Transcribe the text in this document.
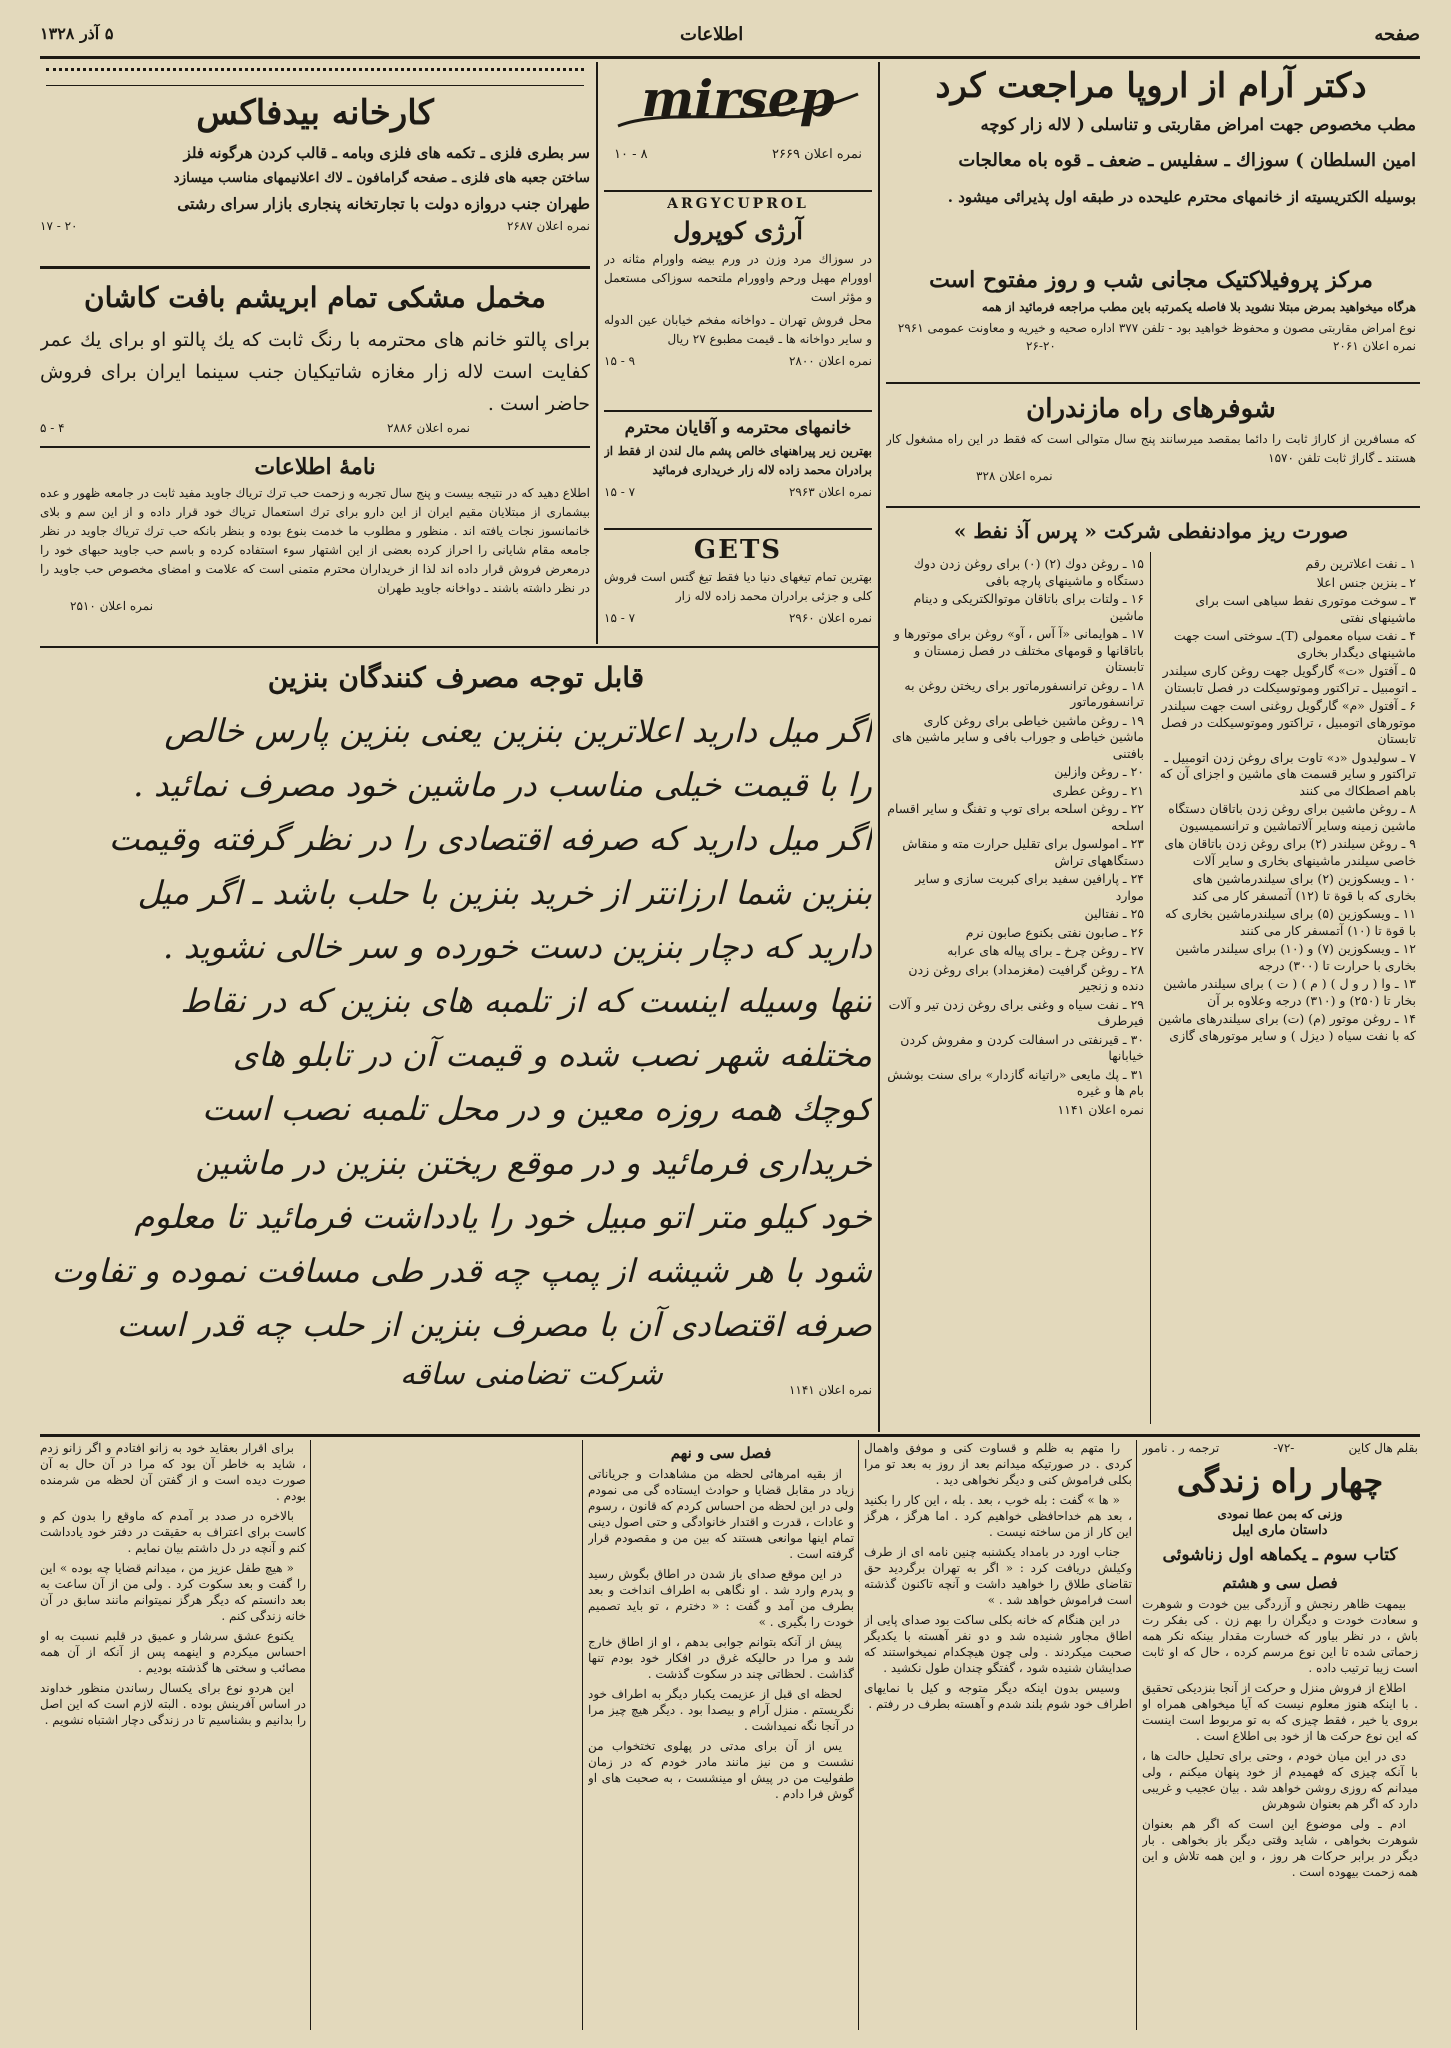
صفحه
اطلاعات
۵ آذر ۱۳۲۸
دکتر آرام از اروپا مراجعت کرد
مطب مخصوص جهت امراض مقاربتی و تناسلی ( لاله زار کوچه
امین السلطان ) سوزاك ـ سفلیس ـ ضعف ـ قوه باه معالجات
بوسیله الکتریسیته از خانمهای محترم علیحده در طبقه اول پذیرائی میشود .
مرکز پروفیلاکتیک مجانی شب و روز مفتوح است
هرگاه میخواهید بمرض مبتلا نشوید بلا فاصله یکمرتبه باین مطب مراجعه فرمائید از همه
نوع امراض مقاربتی مصون و محفوظ خواهید بود - تلفن ۳۷۷ اداره صحیه و خیریه و معاونت عمومی ۲۹۶۱
نمره اعلان ۲۰۶۱
۲۶-۲۰
شوفرهای راه مازندران
که مسافرین از کاراژ ثابت را دائما بمقصد میرسانند پنج سال متوالی است که فقط در این راه مشغول کار هستند ـ گاراژ ثابت تلفن ۱۵۷۰
نمره اعلان ۳۲۸
mirsep
نمره اعلان ۲۶۶۹
۸ - ۱۰
ARGYCUPROL
آرژی کوپرول
در سوزاك مرد وزن در ورم بیضه واورام مثانه در اوورام مهبل ورحم واوورام ملتحمه سوزاکی مستعمل و مؤثر است
محل فروش تهران ـ دواخانه مفخم خیابان عین الدوله و سایر دواخانه ها ـ قیمت مطبوع ۲۷ ریال
نمره اعلان ۲۸۰۰
۹ - ۱۵
خانمهای محترمه و آقایان محترم
بهترین زیر پیراهنهای خالص پشم مال لندن از فقط از برادران محمد زاده لاله زار خریداری فرمائید
نمره اعلان ۲۹۶۳
۷ - ۱۵
GETS
بهترین تمام تیغهای دنیا دیا فقط تیغ گتس است فروش کلی و جزئی برادران محمد زاده لاله زار
نمره اعلان ۲۹۶۰
۷ - ۱۵
کارخانه بیدفاکس
سر بطری فلزی ـ تکمه های فلزی وبامه ـ قالب کردن هرگونه فلز
ساختن جعبه های فلزی ـ صفحه گرامافون ـ لاك اعلانیمهای مناسب میسازد
طهران جنب دروازه دولت با تجارتخانه پنجاری بازار سرای رشتی
نمره اعلان ۲۶۸۷
۲۰ - ۱۷
مخمل مشکی تمام ابریشم بافت کاشان
برای پالتو خانم های محترمه با رنگ ثابت که یك پالتو او برای یك عمر کفایت است لاله زار مغازه شاتیکیان جنب سینما ایران برای فروش حاضر است .
نمره اعلان ۲۸۸۶
۴ - ۵
نامهٔ اطلاعات
اطلاع دهید که در نتیجه بیست و پنج سال تجربه و زحمت حب ترك تریاك جاوید مفید ثابت در جامعه ظهور و عده بیشماری از مبتلایان مقیم ایران از این دارو برای ترك استعمال تریاك خود قرار داده و از این سم و بلای خانمانسوز نجات یافته اند . منظور و مطلوب ما خدمت بنوع بوده و بنظر بانکه حب ترك تریاك جاوید در نظر جامعه مقام شایانی را احراز کرده بعضی از این اشتهار سوء استفاده کرده و باسم حب جاوید حبهای خود را درمعرض فروش قرار داده اند لذا از خریداران محترم متمنی است که علامت و امضای مخصوص حب جاوید را در نظر داشته باشند ـ دواخانه جاوید طهران
نمره اعلان ۲۵۱۰
صورت ریز موادنفطی شرکت « پرس آذ نفط »
۱ ـ نفت اعلاترین رقم
۲ ـ بنزین جنس اعلا
۳ ـ سوخت موتوری نفط سیاهی است برای ماشینهای نفتی
۴ ـ نفت سیاه معمولی (T)ـ سوختی است جهت ماشینهای دیگدار بخاری
۵ ـ آفتول «ت» گارگویل جهت روغن کاری سیلندر ـ اتومبیل ـ تراکتور وموتوسیکلت در فصل تابستان
۶ ـ آفتول «م» گارگویل روغنی است جهت سیلندر موتورهای اتومبیل ، تراکتور وموتوسیکلت در فصل تابستان
۷ ـ سولیدول «د» تاوت برای روغن زدن اتومبیل ـ تراکتور و سایر قسمت های ماشین و اجزای آن که باهم اصطکاك می کنند
۸ ـ روغن ماشین برای روغن زدن باتاقان دستگاه ماشین زمینه وسایر آلاتماشین و ترانسمیسیون
۹ ـ روغن سیلندر (۲) برای روغن زدن باتاقان های خاصی سیلندر ماشینهای بخاری و سایر آلات
۱۰ ـ ویسکوزین (۲) برای سیلندرماشین های بخاری که با قوة تا (۱۲) آتمسفر کار می کند
۱۱ ـ ویسکوزین (۵) برای سیلندرماشین بخاری که با قوة تا (۱۰) آتمسفر کار می کنند
۱۲ ـ ویسکوزین (۷) و (۱۰) برای سیلندر ماشین بخاری با حرارت تا (۳۰۰) درجه
۱۳ ـ وا ( ر و ل ) ( م ) ( ت ) برای سیلندر ماشین بخار تا (۲۵۰) و (۳۱۰) درجه وعلاوه بر آن
۱۴ ـ روغن موتور (م) (ت) برای سیلندرهای ماشین که با نفت سیاه ( دیزل ) و سایر موتورهای گازی
۱۵ ـ روغن دوك (۲) (۰) برای روغن زدن دوك دستگاه و ماشینهای پارچه بافی
۱۶ ـ ولتات برای باتاقان موتوالکتریکی و دینام ماشین
۱۷ ـ هوایمانی «آ آس ، آو» روغن برای موتورها و باتاقانها و قومهای مختلف در فصل زمستان و تابستان
۱۸ ـ روغن ترانسفورماتور برای ریختن روغن به ترانسفورماتور
۱۹ ـ روغن ماشین خیاطی برای روغن کاری ماشین خیاطی و جوراب بافی و سایر ماشین های بافتنی
۲۰ ـ روغن وازلین
۲۱ ـ روغن عطری
۲۲ ـ روغن اسلحه برای توپ و تفنگ و سایر اقسام اسلحه
۲۳ ـ امولسول برای تقلیل حرارت مته و منقاش دستگاههای تراش
۲۴ ـ پارافین سفید برای کبریت سازی و سایر موارد
۲۵ ـ نفتالین
۲۶ ـ صابون نفتی بکنوع صابون نرم
۲۷ ـ روغن چرخ ـ برای پیاله های عرابه
۲۸ ـ روغن گرافیت (مغزمداد) برای روغن زدن دنده و زنجیر
۲۹ ـ نفت سیاه و وغنی برای روغن زدن تیر و آلات فیرطرف
۳۰ ـ قیرنفتی در اسفالت کردن و مفروش کردن خیابانها
۳۱ ـ پك مایعی «راتیانه گازدار» برای سنت بوشش بام ها و غیره
نمره اعلان ۱۱۴۱
قابل توجه مصرف کنندگان بنزین
اگر میل دارید اعلاترین بنزین یعنی بنزین پارس خالص
را با قیمت خیلی مناسب در ماشین خود مصرف نمائید .
اگر میل دارید که صرفه اقتصادی را در نظر گرفته وقیمت
بنزین شما ارزانتر از خرید بنزین با حلب باشد ـ اگر میل
دارید که دچار بنزین دست خورده و سر خالی نشوید .
تنها وسیله اینست که از تلمبه های بنزین که در نقاط
مختلفه شهر نصب شده و قیمت آن در تابلو های
کوچك همه روزه معین و در محل تلمبه نصب است
خریداری فرمائید و در موقع ریختن بنزین در ماشین
خود کیلو متر اتو مبیل خود را یادداشت فرمائید تا معلوم
شود با هر شیشه از پمپ چه قدر طی مسافت نموده و تفاوت
صرفه اقتصادی آن با مصرف بنزین از حلب چه قدر است
نمره اعلان ۱۱۴۱
شرکت تضامنی ساقه
بقلم هال کاین
-۷۲-
ترجمه ر . نامور
چهار راه زندگی
وزنی که بمن عطا نمودی
داستان ماری ایبل
کتاب سوم ـ یکماهه اول زناشوئی
فصل سی و هشتم

بیمهت ظاهر رنجش و آزردگی بین خودت و شوهرت و سعادت خودت و دیگران را بهم زن . کی بفکر رت باش ، در نظر بیاور که خسارت مقدار بینکه نکر همه زحماتی شده تا این نوع مرسم کرده ، حال که او ثابت است زیبا ترتیب داده .

اطلاع از فروش منزل و حرکت از آنجا بنزدیکی تحقیق . با اینکه هنوز معلوم نیست که آیا میخواهی همراه او بروی یا خیر ، فقط چیزی که به تو مربوط است اینست که این نوع حرکت ها از خود بی اطلاع است .

دی در این میان خودم ، وحتی برای تحلیل حالت ها ، با آنکه چیزی که فهمیدم از خود پنهان میکنم ، ولی میدانم که روزی روشن خواهد شد . بیان عجیب و غریبی دارد که اگر هم بعنوان شوهرش

ادم ـ ولی موضوع این است که اگر هم بعنوان شوهرت بخواهی ، شاید وقتی دیگر باز بخواهی . بار دیگر در برابر حرکات هر روز ، و این همه تلاش و این همه زحمت بیهوده است .

را متهم به ظلم و قساوت کنی و موفق واهمال کردی . در صورتیکه میدانم بعد از روز به بعد تو مرا بکلی فراموش کنی و دیگر نخواهی دید .

« ها » گفت : بله خوب ، بعد . بله ، این کار را بکنید ، بعد هم خداحافظی خواهیم کرد . اما هرگز ، هرگز این کار از من ساخته نیست .

جناب اورد در بامداد یکشنبه چنین نامه ای از طرف وکیلش دریافت کرد : « اگر به تهران برگردید حق تقاضای طلاق را خواهید داشت و آنچه تاکنون گذشته است فراموش خواهد شد . »

در این هنگام که خانه بکلی ساکت بود صدای پایی از اطاق مجاور شنیده شد و دو نفر آهسته با یکدیگر صحبت میکردند . ولی چون هیچکدام نمیخواستند که صدایشان شنیده شود ، گفتگو چندان طول نکشید .

وسیس بدون اینکه دیگر متوجه و کیل با نمایهای اطراف خود شوم بلند شدم و آهسته بطرف در رفتم .

فصل سی و نهم

از بقیه امرهائی لحظه من مشاهدات و جریاناتی زیاد در مقابل قضایا و حوادث ایستاده گی می نمودم ولی در این لحظه من احساس کردم که قانون ، رسوم و عادات ، قدرت و اقتدار خانوادگی و حتی اصول دینی تمام اینها موانعی هستند که بین من و مقصودم قرار گرفته است .

در این موقع صدای باز شدن در اطاق بگوش رسید و پدرم وارد شد . او نگاهی به اطراف انداخت و بعد بطرف من آمد و گفت : « دخترم ، تو باید تصمیم خودت را بگیری . »

پیش از آنکه بتوانم جوابی بدهم ، او از اطاق خارج شد و مرا در حالیکه غرق در افکار خود بودم تنها گذاشت . لحظاتی چند در سکوت گذشت .

لحظه ای قبل از عزیمت یکبار دیگر به اطراف خود نگریستم . منزل آرام و بیصدا بود . دیگر هیچ چیز مرا در آنجا نگه نمیداشت .

یس از آن برای مدتی در پهلوی تختخواب من نشست و من نیز مانند مادر خودم که در زمان طفولیت من در پیش او مینشست ، به صحبت های او گوش فرا دادم .

برای اقرار بعقاید خود به زانو افتادم و اگر زانو زدم ، شاید به خاطر آن بود که مرا در آن حال به آن صورت دیده است و از گفتن آن لحظه من شرمنده بودم .

بالاخره در صدد بر آمدم که ماوقع را بدون کم و کاست برای اعتراف به حقیقت در دفتر خود یادداشت کنم و آنچه در دل داشتم بیان نمایم .

« هیچ طفل عزیز من ، میدانم قضایا چه بوده » این را گفت و بعد سکوت کرد . ولی من از آن ساعت به بعد دانستم که دیگر هرگز نمیتوانم مانند سابق در آن خانه زندگی کنم .

یکنوع عشق سرشار و عمیق در قلبم نسبت به او احساس میکردم و اینهمه پس از آنکه از آن همه مصائب و سختی ها گذشته بودیم .

این هردو نوع برای یکسال رساندن منظور خداوند در اساس آفرینش بوده . البته لازم است که این اصل را بدانیم و بشناسیم تا در زندگی دچار اشتباه نشویم .
